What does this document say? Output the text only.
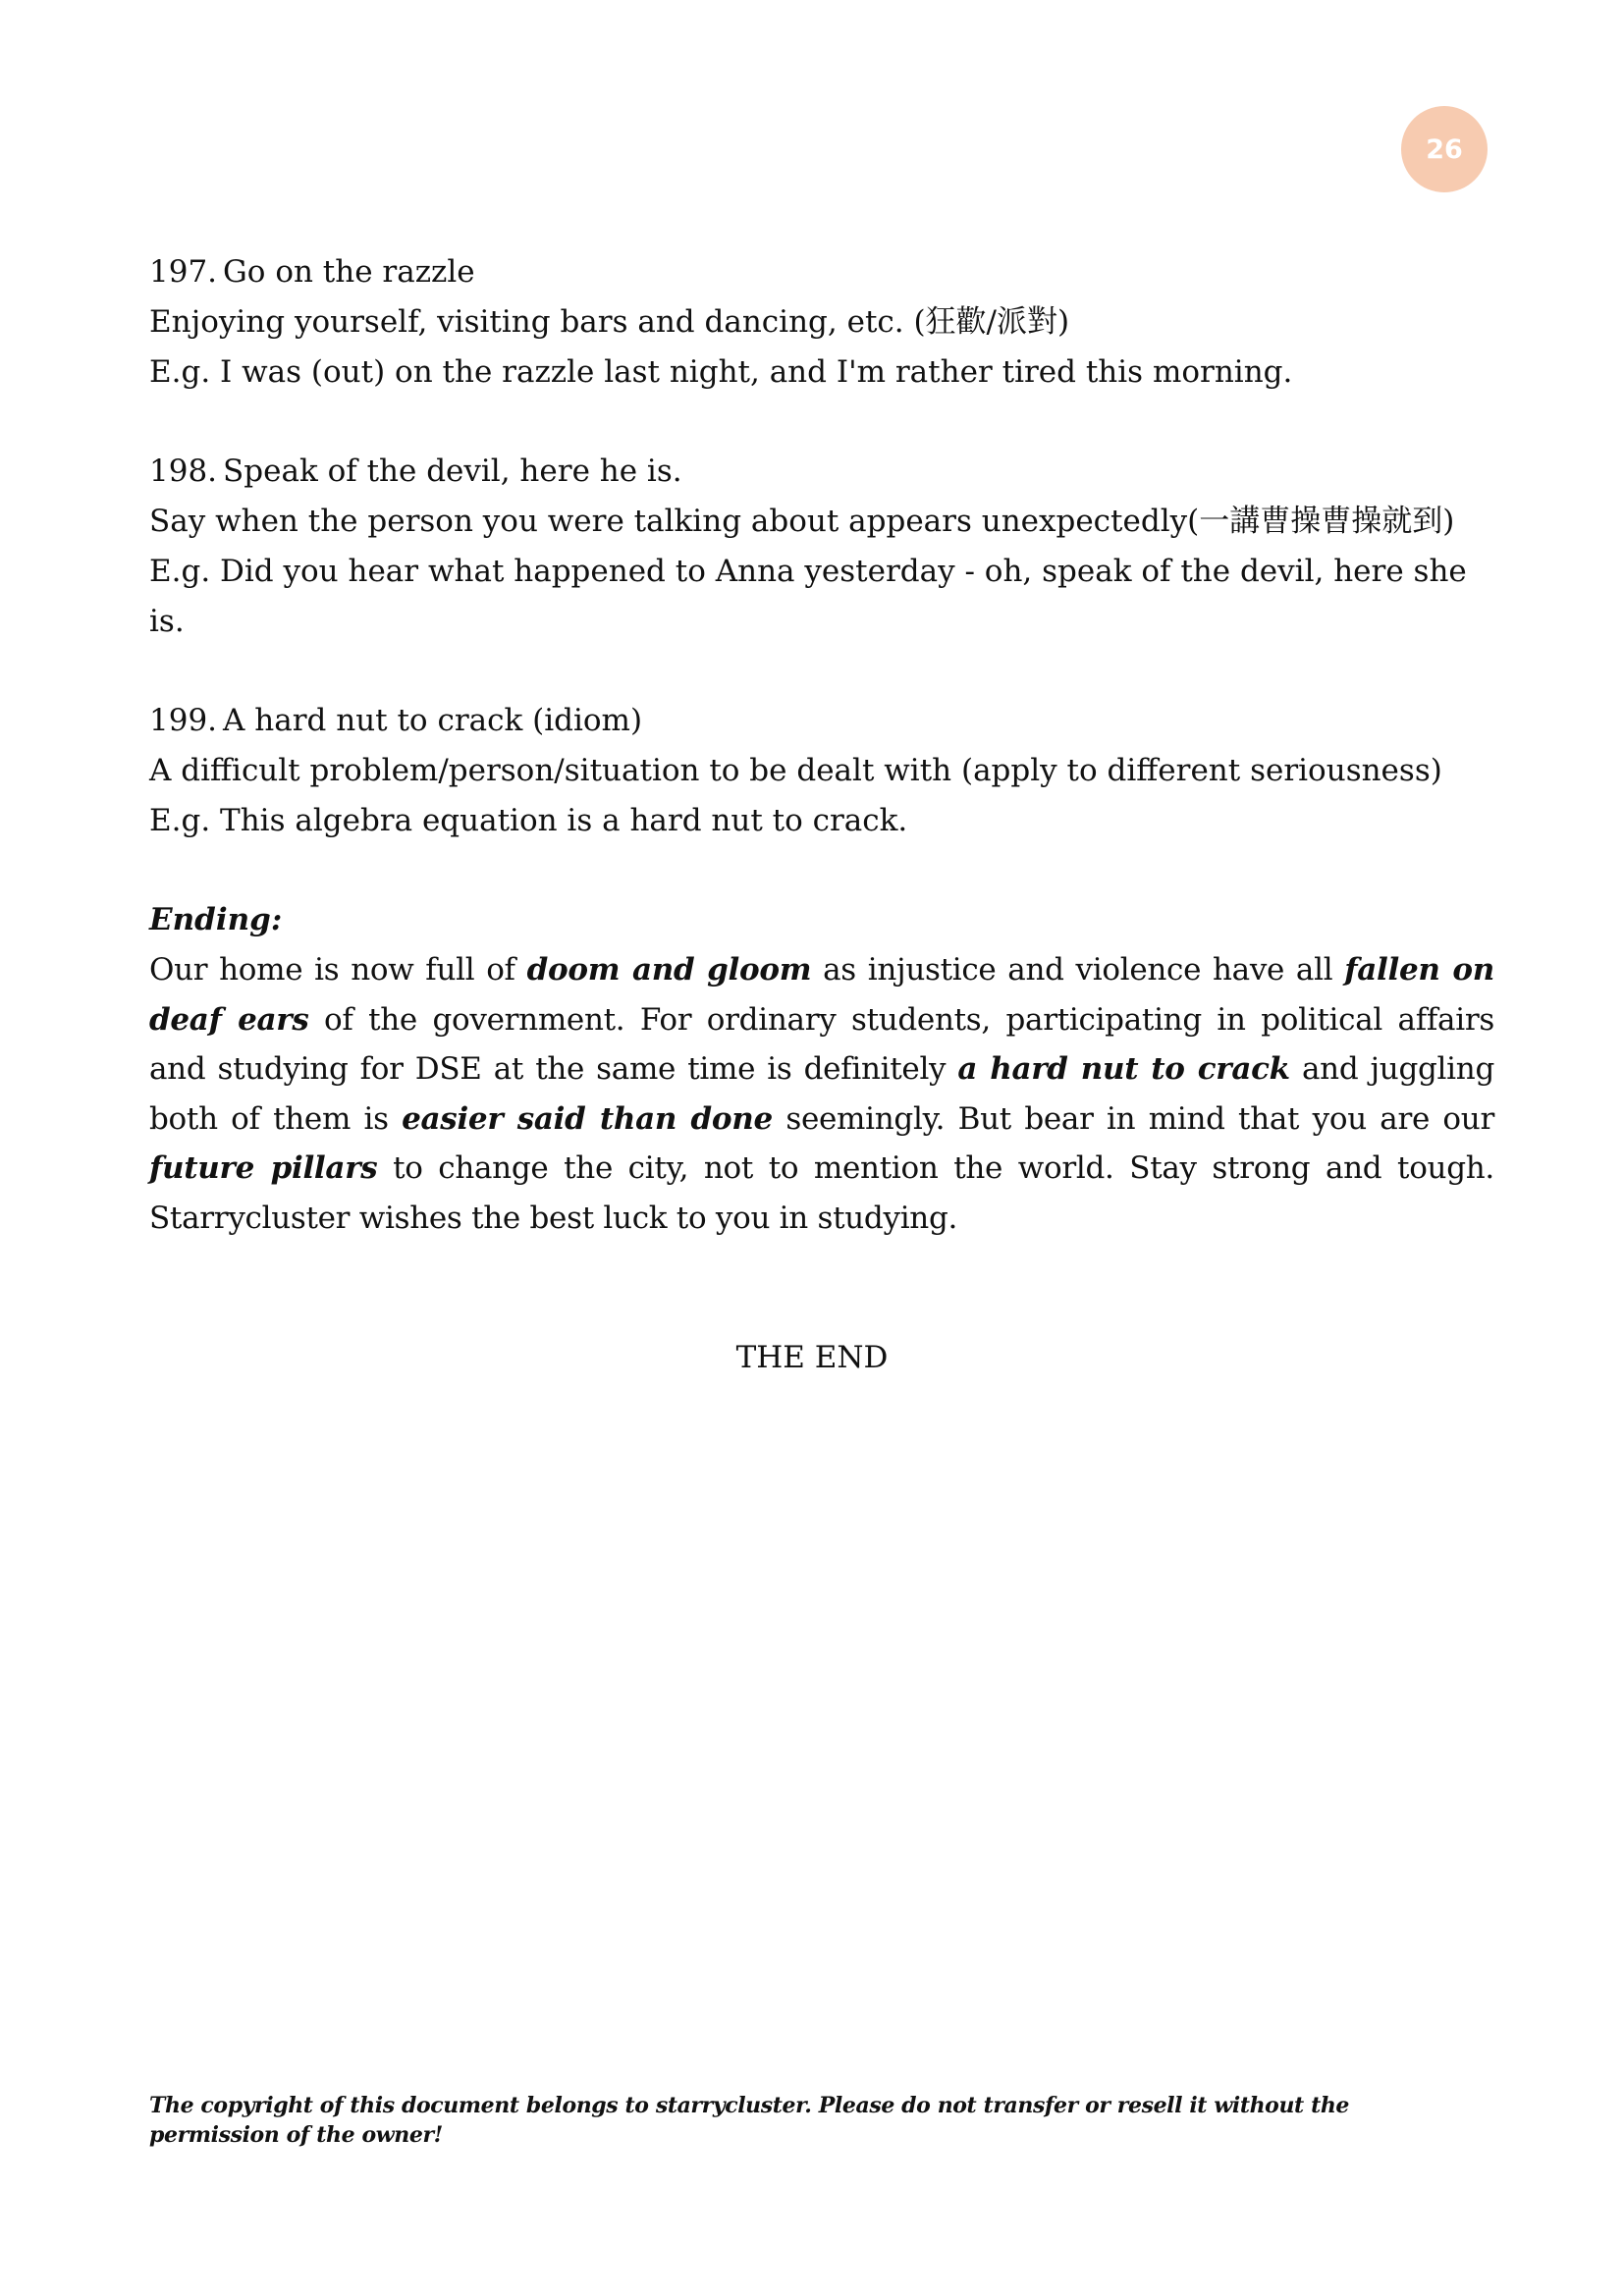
26

197. Go on the razzle

Enjoying yourself, visiting bars and dancing, etc. (狂歡/派對)

E.g. I was (out) on the razzle last night, and I'm rather tired this morning.

198. Speak of the devil, here he is.

Say when the person you were talking about appears unexpectedly(一講曹操曹操就到)

E.g. Did you hear what happened to Anna yesterday - oh, speak of the devil, here she is.

199. A hard nut to crack (idiom)

A difficult problem/person/situation to be dealt with (apply to different seriousness)

E.g. This algebra equation is a hard nut to crack.

Ending:

Our home is now full of doom and gloom as injustice and violence have all fallen on deaf ears of the government. For ordinary students, participating in political affairs and studying for DSE at the same time is definitely a hard nut to crack and juggling both of them is easier said than done seemingly. But bear in mind that you are our future pillars to change the city, not to mention the world. Stay strong and tough. Starrycluster wishes the best luck to you in studying.

THE END
The copyright of this document belongs to starrycluster. Please do not transfer or resell it without the permission of the owner!
